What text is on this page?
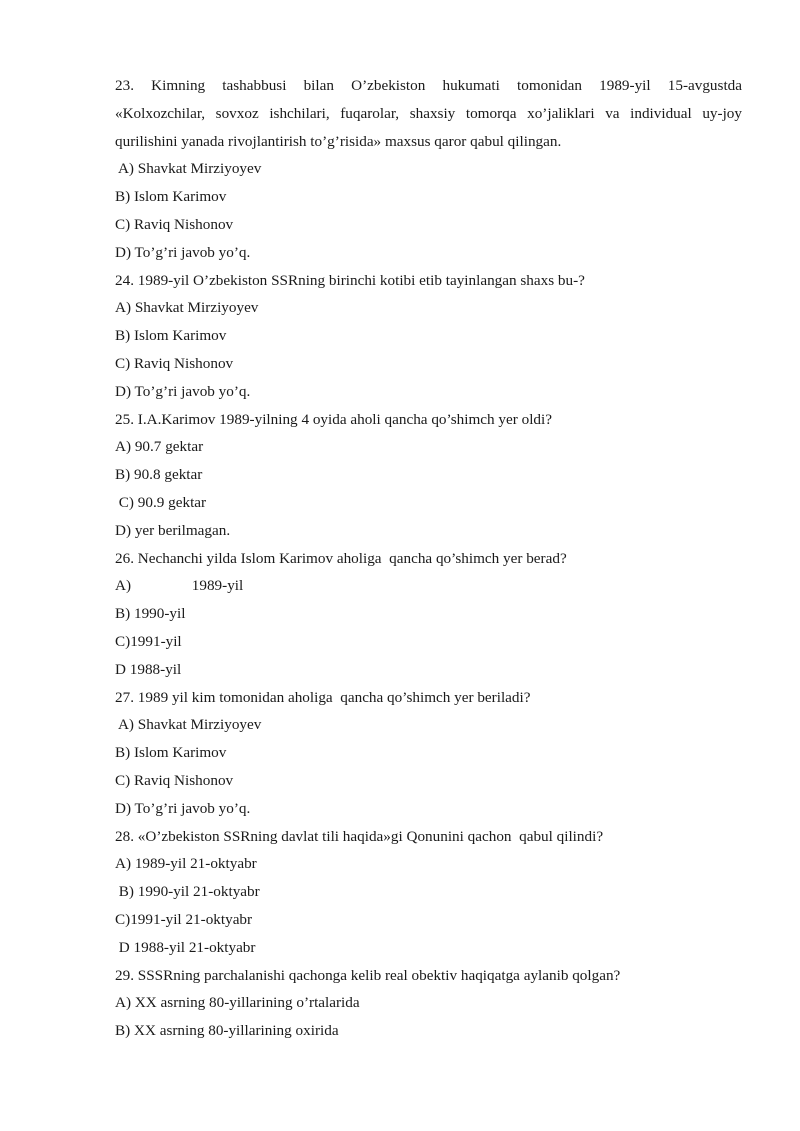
23. Kimning tashabbusi bilan O’zbekiston hukumati tomonidan 1989-yil 15-avgustda
«Kolxozchilar, sovxoz ishchilari, fuqarolar, shaxsiy tomorqa xo’jaliklari va individual uy-joy
qurilishini yanada rivojlantirish to’g’risida» maxsus qaror qabul qilingan.
A) Shavkat Mirziyoyev
B) Islom Karimov
C) Raviq Nishonov
D) To’g’ri javob yo’q.
24. 1989-yil O’zbekiston SSRning birinchi kotibi etib tayinlangan shaxs bu-?
A) Shavkat Mirziyoyev
B) Islom Karimov
C) Raviq Nishonov
D) To’g’ri javob yo’q.
25. I.A.Karimov 1989-yilning 4 oyida aholi qancha qo’shimch yer oldi?
A) 90.7 gektar
B) 90.8 gektar
C) 90.9 gektar
D) yer berilmagan.
26. Nechanchi yilda Islom Karimov aholiga  qancha qo’shimch yer berad?
A)                1989-yil
B) 1990-yil
C)1991-yil
D 1988-yil
27. 1989 yil kim tomonidan aholiga  qancha qo’shimch yer beriladi?
A) Shavkat Mirziyoyev
B) Islom Karimov
C) Raviq Nishonov
D) To’g’ri javob yo’q.
28. «O’zbekiston SSRning davlat tili haqida»gi Qonunini qachon  qabul qilindi?
A) 1989-yil 21-oktyabr
B) 1990-yil 21-oktyabr
C)1991-yil 21-oktyabr
D 1988-yil 21-oktyabr
29. SSSRning parchalanishi qachonga kelib real obektiv haqiqatga aylanib qolgan?
A) XX asrning 80-yillarining o’rtalarida
B) XX asrning 80-yillarining oxirida
